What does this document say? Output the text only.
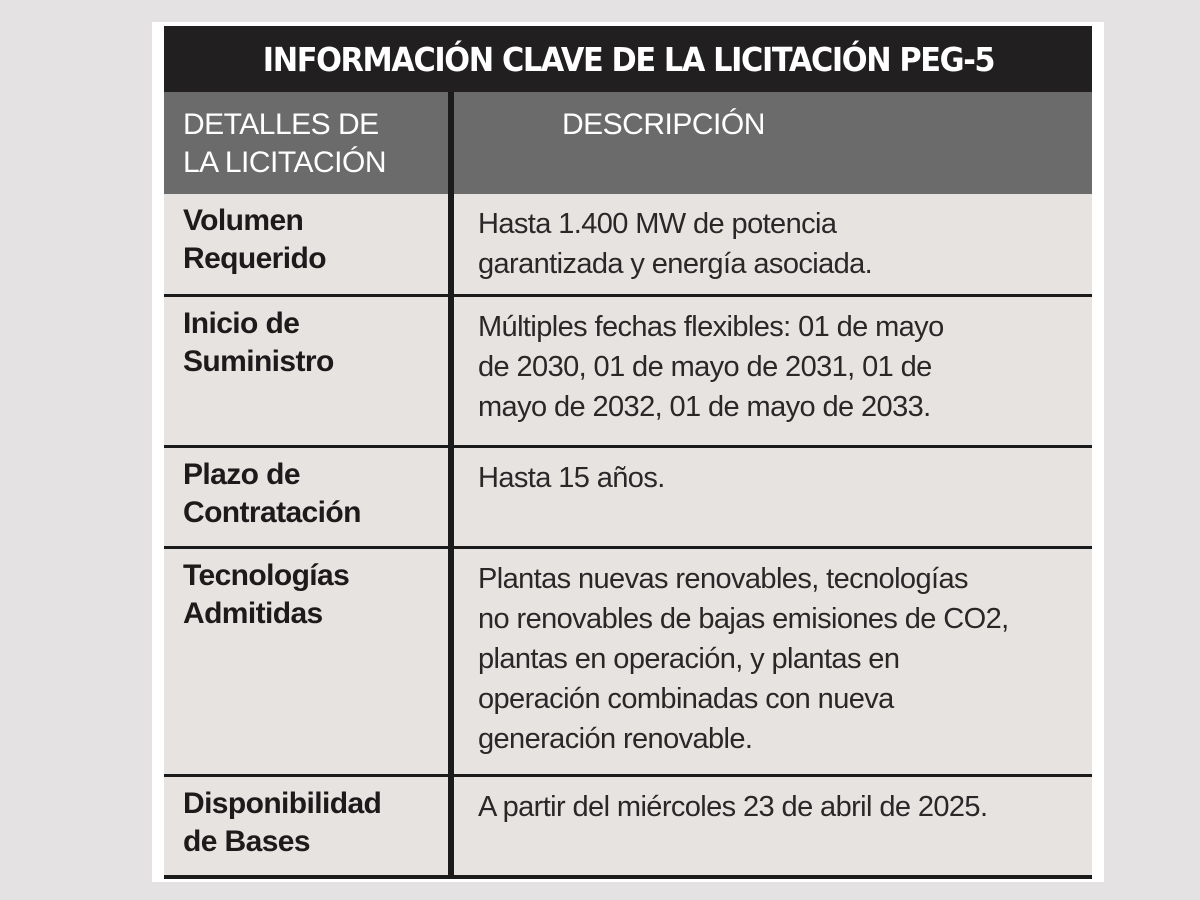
INFORMACIÓN CLAVE DE LA LICITACIÓN PEG-5
DETALLES DE
LA LICITACIÓN
DESCRIPCIÓN
Volumen
Requerido
Hasta 1.400 MW de potencia
garantizada y energía asociada.
Inicio de
Suministro
Múltiples fechas flexibles: 01 de mayo
de 2030, 01 de mayo de 2031, 01 de
mayo de 2032, 01 de mayo de 2033.
Plazo de
Contratación
Hasta 15 años.
Tecnologías
Admitidas
Plantas nuevas renovables, tecnologías
no renovables de bajas emisiones de CO2,
plantas en operación, y plantas en
operación combinadas con nueva
generación renovable.
Disponibilidad
de Bases
A partir del miércoles 23 de abril de 2025.
